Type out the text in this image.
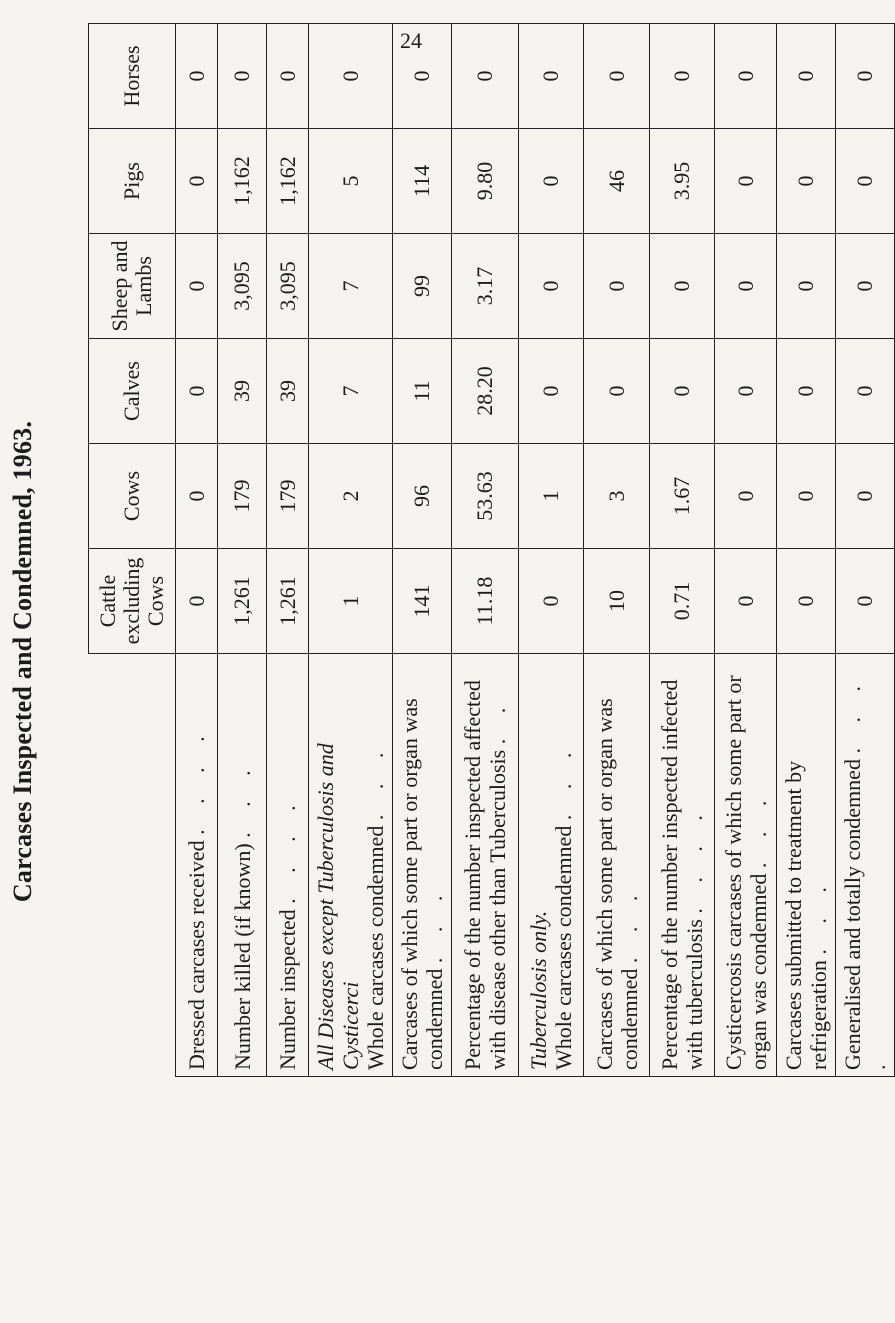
Carcases Inspected and Condemned, 1963.
		Cattle excluding Cows	Cows	Calves	Sheep and Lambs	Pigs	Horses
Dressed carcases received . . . .	0	0	0	0	0	0
Number killed (if known) . . .	1,261	179	39	3,095	1,162	0
Number inspected . . . .	1,261	179	39	3,095	1,162	0
All Diseases except Tuberculosis and Cysticerci
Whole carcases condemned . . .	1	2	7	7	5	0
Carcases of which some part or organ was condemned . . .	141	96	11	99	114	0
Percentage of the number inspected affected with disease other than Tuberculosis . .	11.18	53.63	28.20	3.17	9.80	0
Tuberculosis only.
Whole carcases condemned . . .	0	1	0	0	0	0
Carcases of which some part or organ was condemned . . .	10	3	0	0	46	0
Percentage of the number inspected infected with tuberculosis . . . .	0.71	1.67	0	0	3.95	0
Cysticercosis carcases of which some part or organ was condemned . . .	0	0	0	0	0	0
Carcases submitted to treatment by refrigeration . . .	0	0	0	0	0	0
Generalised and totally condemned . . . .	0	0	0	0	0	0
24
